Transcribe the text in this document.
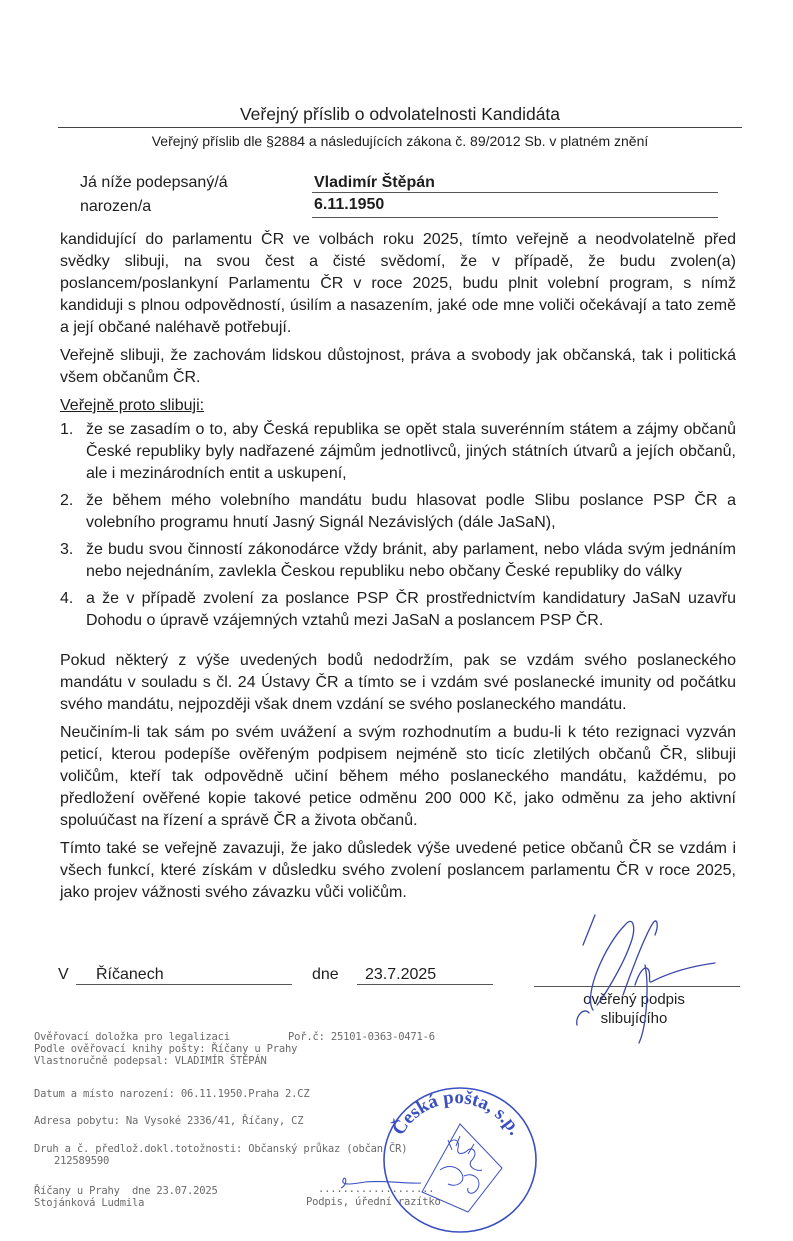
Veřejný příslib o odvolatelnosti Kandidáta
Veřejný příslib dle §2884 a následujících zákona č. 89/2012 Sb. v platném znění
Já níže podepsaný/á	Vladimír Štěpán
narozen/a	6.11.1950

kandidující do parlamentu ČR ve volbách roku 2025, tímto veřejně a neodvolatelně před svědky slibuji, na svou čest a čisté svědomí, že v případě, že budu zvolen(a) poslancem/poslankyní Parlamentu ČR v roce 2025, budu plnit volební program, s nímž kandiduji s plnou odpovědností, úsilím a nasazením, jaké ode mne voliči očekávají a tato země a její občané naléhavě potřebují.

Veřejně slibuji, že zachovám lidskou důstojnost, práva a svobody jak občanská, tak i politická všem občanům ČR.

Veřejně proto slibuji:
1. že se zasadím o to, aby Česká republika se opět stala suverénním státem a zájmy občanů České republiky byly nadřazené zájmům jednotlivců, jiných státních útvarů a jejích občanů, ale i mezinárodních entit a uskupení,
2. že během mého volebního mandátu budu hlasovat podle Slibu poslance PSP ČR a volebního programu hnutí Jasný Signál Nezávislých (dále JaSaN),
3. že budu svou činností zákonodárce vždy bránit, aby parlament, nebo vláda svým jednáním nebo nejednáním, zavlekla Českou republiku nebo občany České republiky do války
4. a že v případě zvolení za poslance PSP ČR prostřednictvím kandidatury JaSaN uzavřu Dohodu o úpravě vzájemných vztahů mezi JaSaN a poslancem PSP ČR.

Pokud některý z výše uvedených bodů nedodržím, pak se vzdám svého poslaneckého mandátu v souladu s čl. 24 Ústavy ČR a tímto se i vzdám své poslanecké imunity od počátku svého mandátu, nejpozději však dnem vzdání se svého poslaneckého mandátu.

Neučiním-li tak sám po svém uvážení a svým rozhodnutím a budu-li k této rezignaci vyzván peticí, kterou podepíše ověřeným podpisem nejméně sto ticíc zletilých občanů ČR, slibuji voličům, kteří tak odpovědně učiní během mého poslaneckého mandátu, každému, po předložení ověřené kopie takové petice odměnu 200 000 Kč, jako odměnu za jeho aktivní spoluúčast na řízení a správě ČR a života občanů.

Tímto také se veřejně zavazuji, že jako důsledek výše uvedené petice občanů ČR se vzdám i všech funkcí, které získám v důsledku svého zvolení poslancem parlamentu ČR v roce 2025, jako projev vážnosti svého závazku vůči voličům.

V	Říčanech	dne	23.7.2025
ověřený podpis
slibujícího
Ověřovací doložka pro legalizaci	Poř.č: 25101-0363-0471-6
Podle ověřovací knihy pošty: Říčany u Prahy
Vlastnoručně podepsal: VLADIMÍR ŠTĚPÁN
Datum a místo narození: 06.11.1950.Praha 2.CZ
Adresa pobytu: Na Vysoké 2336/41, Říčany, CZ
Druh a č. předlož.dokl.totožnosti: Občanský průkaz (občan ČR)
212589590
Říčany u Prahy  dne 23.07.2025
Stojánková Ludmila
...................
Podpis, úřední razítko
Česká pošta, s.p.
